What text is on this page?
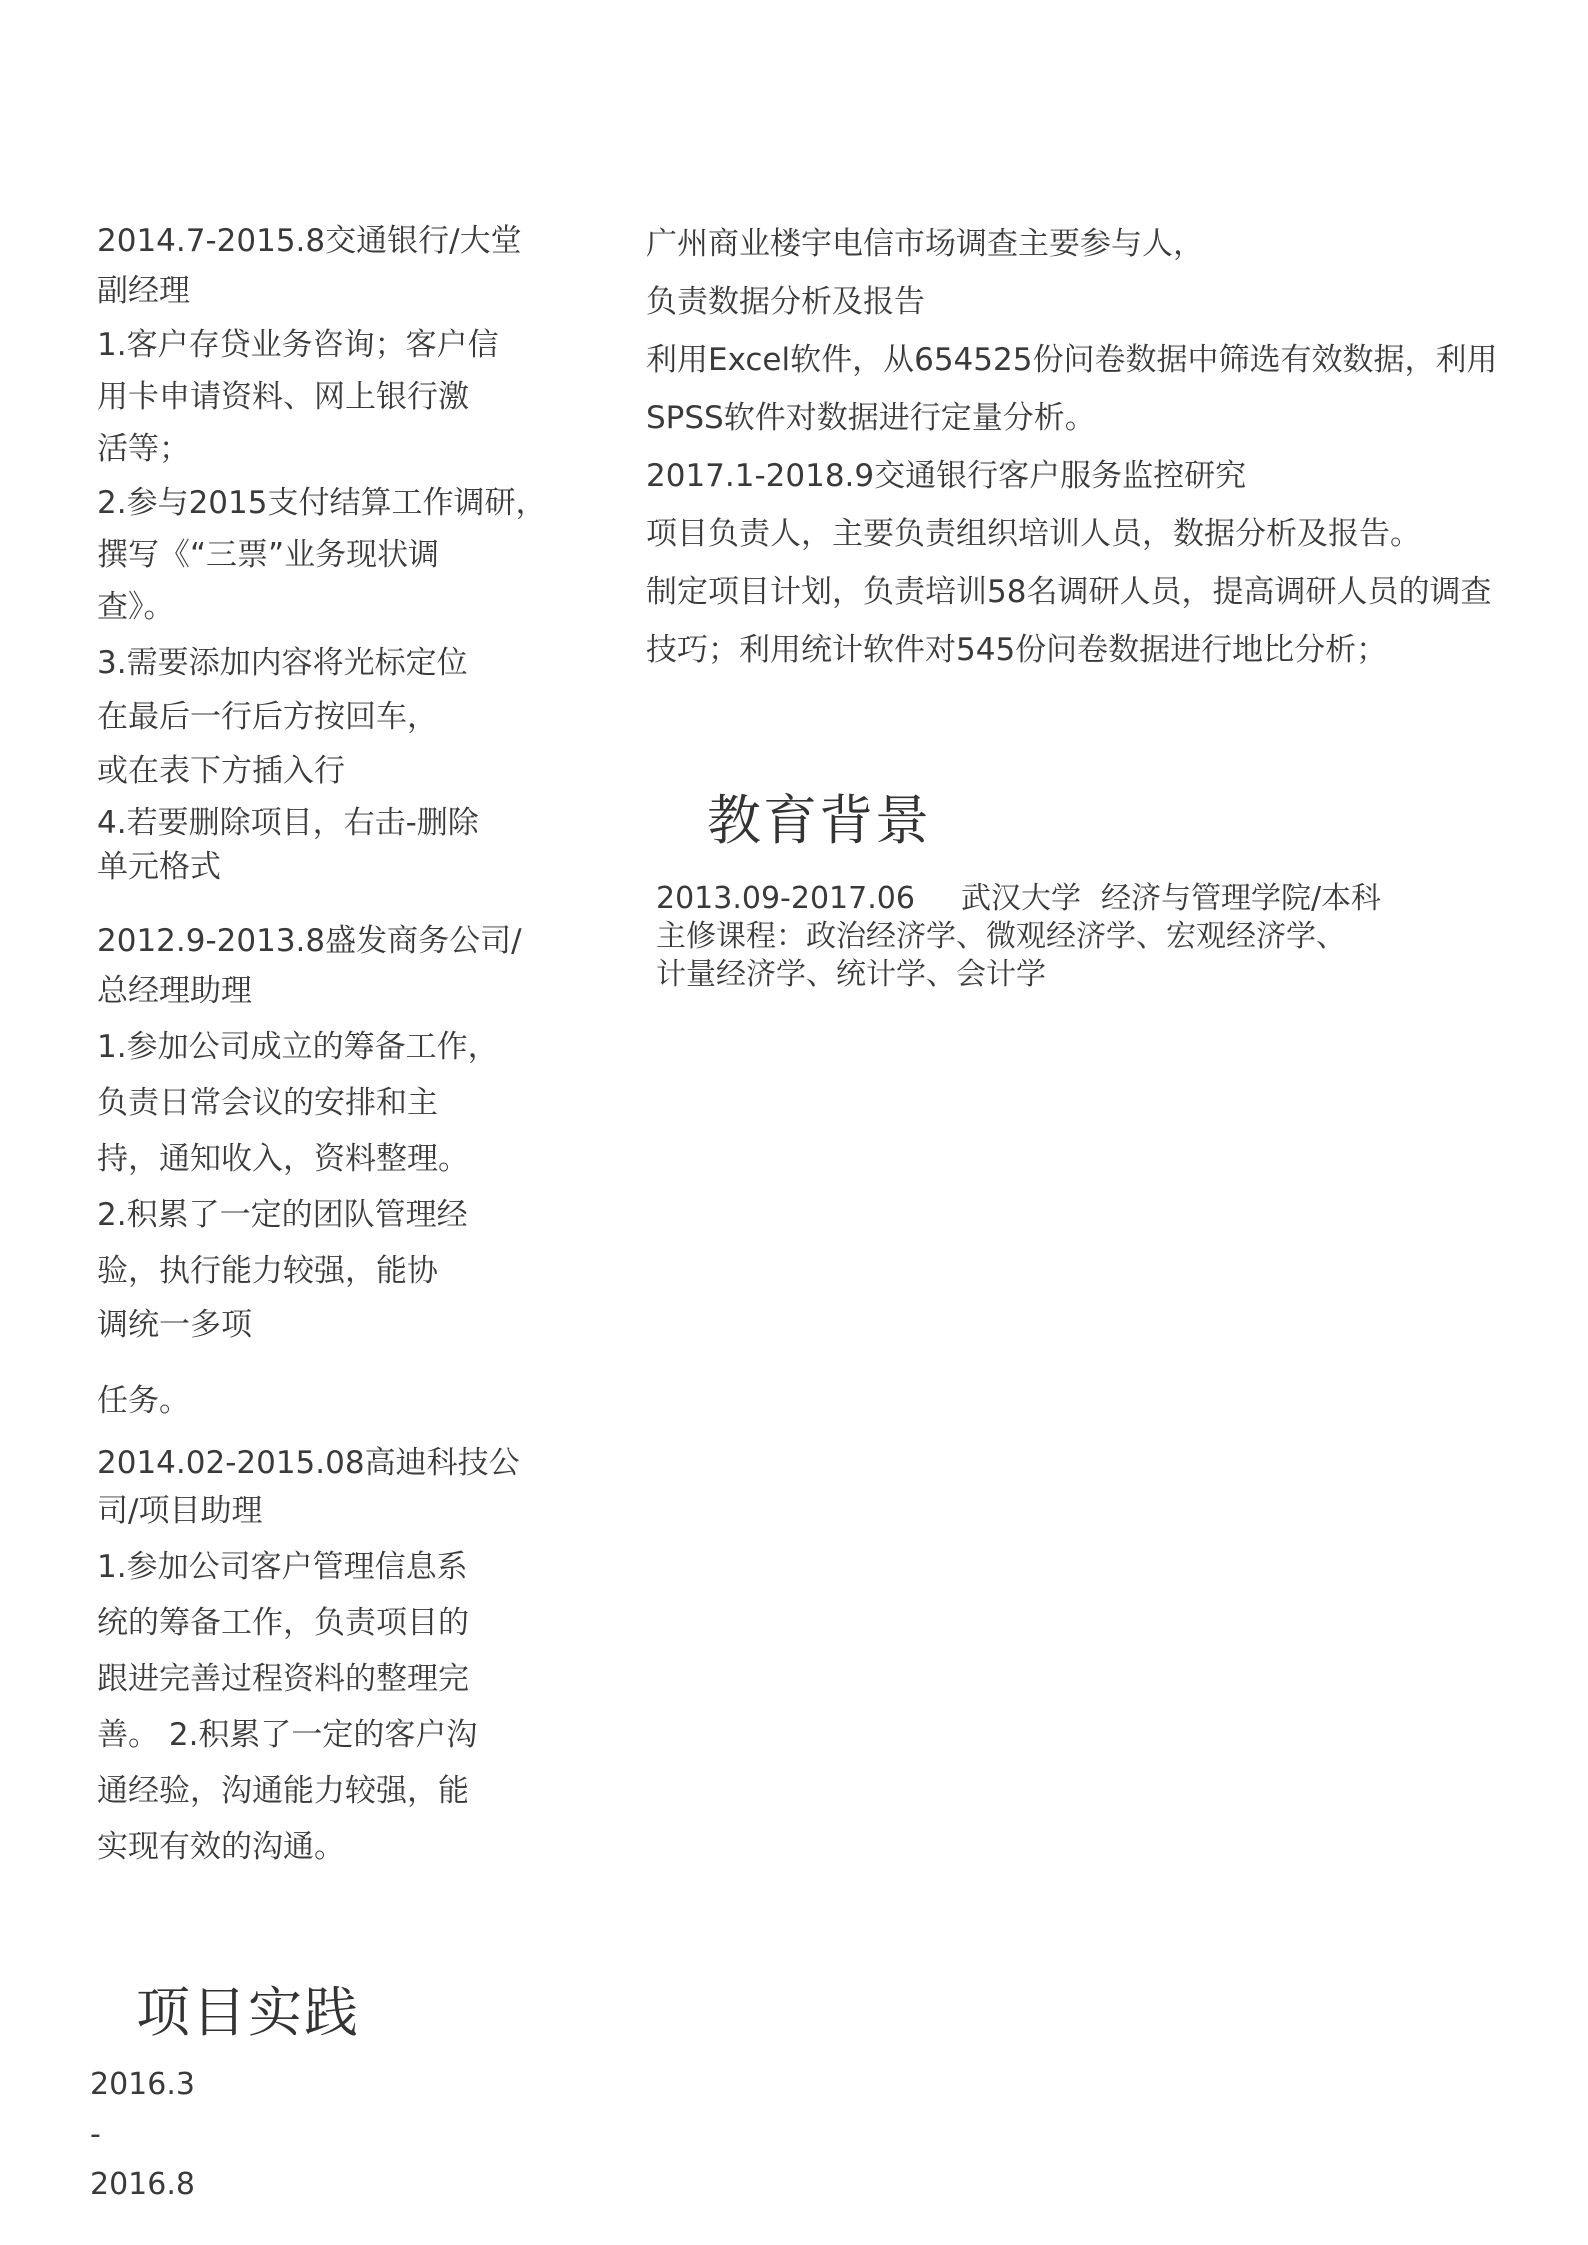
2014.7-2015.8交通银行/大堂
副经理
1.客户存贷业务咨询；客户信
用卡申请资料、网上银行激
活等；
2.参与2015支付结算工作调研，
撰写《“三票”业务现状调
查》。
3.需要添加内容将光标定位
在最后一行后方按回车，
或在表下方插入行
4.若要删除项目，右击-删除
单元格式
2012.9-2013.8盛发商务公司/
总经理助理
1.参加公司成立的筹备工作，
负责日常会议的安排和主
持，通知收入，资料整理。
2.积累了一定的团队管理经
验，执行能力较强，能协
调统一多项
任务。
2014.02-2015.08高迪科技公
司/项目助理
1.参加公司客户管理信息系
统的筹备工作，负责项目的
跟进完善过程资料的整理完
善。 2.积累了一定的客户沟
通经验，沟通能力较强，能
实现有效的沟通。
广州商业楼宇电信市场调查主要参与人，
负责数据分析及报告
利用Excel软件，从654525份问卷数据中筛选有效数据，利用
SPSS软件对数据进行定量分析。
2017.1-2018.9交通银行客户服务监控研究
项目负责人，主要负责组织培训人员，数据分析及报告。
制定项目计划，负责培训58名调研人员，提高调研人员的调查
技巧；利用统计软件对545份问卷数据进行地比分析；
教育背景
2013.09-2017.06 武汉大学 经济与管理学院/本科
主修课程：政治经济学、微观经济学、宏观经济学、
计量经济学、统计学、会计学
项目实践
2016.3
-
2016.8
